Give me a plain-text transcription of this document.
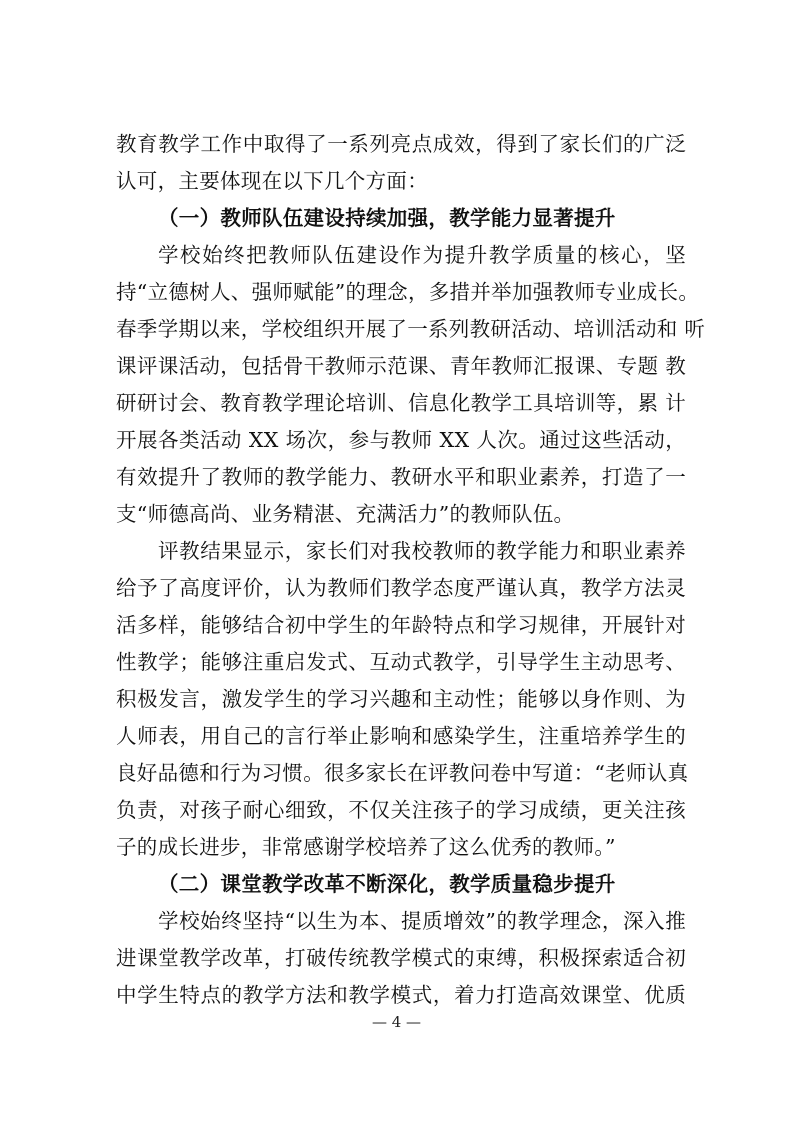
教育教学工作中取得了一系列亮点成效，得到了家长们的广泛
认可，主要体现在以下几个方面：
（一）教师队伍建设持续加强，教学能力显著提升
学校始终把教师队伍建设作为提升教学质量的核心，坚
持“立德树人、强师赋能”的理念，多措并举加强教师专业成长。
春季学期以来，学校组织开展了一系列教研活动、培训活动和 听
课评课活动，包括骨干教师示范课、青年教师汇报课、专题 教
研研讨会、教育教学理论培训、信息化教学工具培训等，累 计
开展各类活动 XX 场次，参与教师 XX 人次。通过这些活动，
有效提升了教师的教学能力、教研水平和职业素养，打造了一
支“师德高尚、业务精湛、充满活力”的教师队伍。
评教结果显示，家长们对我校教师的教学能力和职业素养
给予了高度评价，认为教师们教学态度严谨认真，教学方法灵
活多样，能够结合初中学生的年龄特点和学习规律，开展针对
性教学；能够注重启发式、互动式教学，引导学生主动思考、
积极发言，激发学生的学习兴趣和主动性；能够以身作则、为
人师表，用自己的言行举止影响和感染学生，注重培养学生的
良好品德和行为习惯。很多家长在评教问卷中写道：“老师认真
负责，对孩子耐心细致，不仅关注孩子的学习成绩，更关注孩
子的成长进步，非常感谢学校培养了这么优秀的教师。”
（二）课堂教学改革不断深化，教学质量稳步提升
学校始终坚持“以生为本、提质增效”的教学理念，深入推
进课堂教学改革，打破传统教学模式的束缚，积极探索适合初
中学生特点的教学方法和教学模式，着力打造高效课堂、优质
— 4 —
